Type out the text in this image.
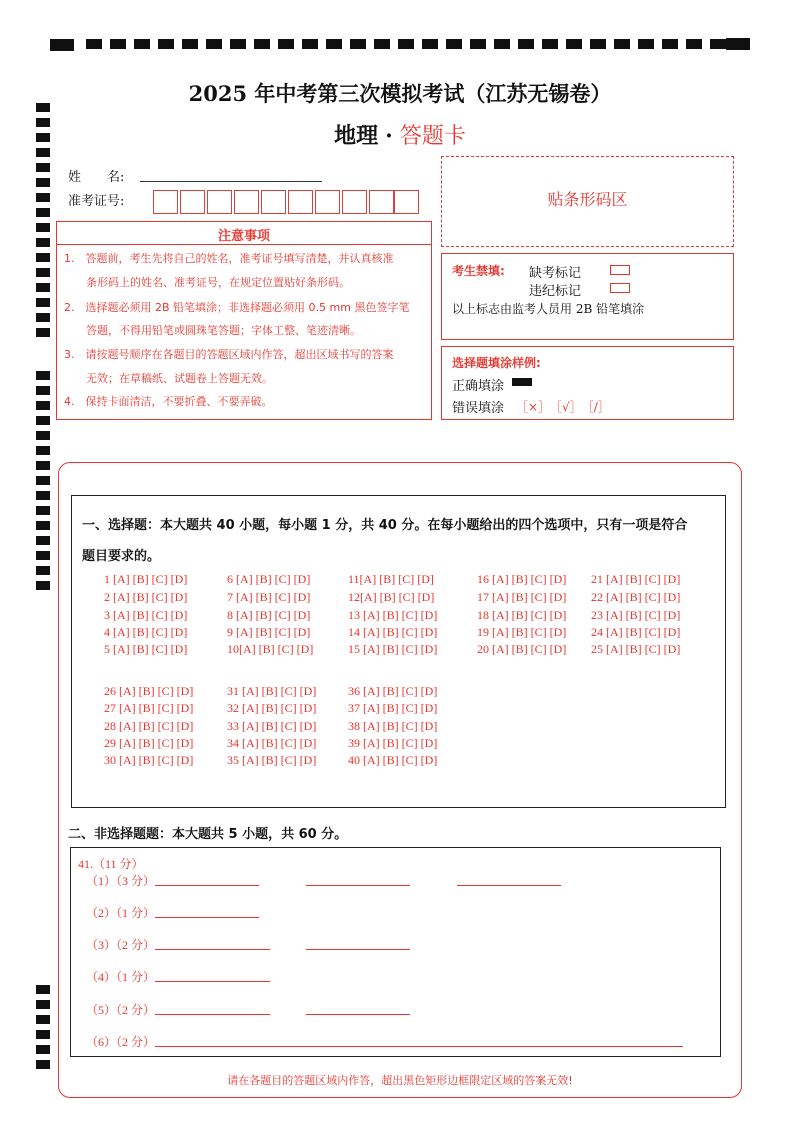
2025 年中考第三次模拟考试（江苏无锡卷）
地理 · 答题卡
姓　　名:
准考证号:	贴条形码区
注意事项
1.　答题前，考生先将自己的姓名，准考证号填写清楚，并认真核准
　　条形码上的姓名、准考证号，在规定位置贴好条形码。
2.　选择题必须用 2B 铅笔填涂；非选择题必须用 0.5 mm 黑色签字笔
　　答题，不得用铅笔或圆珠笔答题；字体工整、笔迹清晰。
3.　请按题号顺序在各题目的答题区域内作答，超出区域书写的答案
　　无效；在草稿纸、试题卷上答题无效。
4.　保持卡面清洁，不要折叠、不要弄破。
考生禁填: 缺考标记
违纪标记
以上标志由监考人员用 2B 铅笔填涂
选择题填涂样例:
正确填涂
错误填涂 ［×］　［√］　［/］
一、选择题：本大题共 40 小题，每小题 1 分，共 40 分。在每小题给出的四个选项中，只有一项是符合
题目要求的。
1 [A] [B] [C] [D]	6 [A] [B] [C] [D]	11[A] [B] [C] [D]	16 [A] [B] [C] [D] 21 [A] [B] [C] [D]
2 [A] [B] [C] [D]	7 [A] [B] [C] [D]	12[A] [B] [C] [D]	17 [A] [B] [C] [D] 22 [A] [B] [C] [D]
3 [A] [B] [C] [D]	8 [A] [B] [C] [D]	13 [A] [B] [C] [D]	18 [A] [B] [C] [D] 23 [A] [B] [C] [D]
4 [A] [B] [C] [D]	9 [A] [B] [C] [D]	14 [A] [B] [C] [D]	19 [A] [B] [C] [D] 24 [A] [B] [C] [D]
5 [A] [B] [C] [D]	10[A] [B] [C] [D]	15 [A] [B] [C] [D]	20 [A] [B] [C] [D] 25 [A] [B] [C] [D]
26 [A] [B] [C] [D]	31 [A] [B] [C] [D]	36 [A] [B] [C] [D]
27 [A] [B] [C] [D]	32 [A] [B] [C] [D]	37 [A] [B] [C] [D]
28 [A] [B] [C] [D]	33 [A] [B] [C] [D]	38 [A] [B] [C] [D]
29 [A] [B] [C] [D]	34 [A] [B] [C] [D]	39 [A] [B] [C] [D]
30 [A] [B] [C] [D]	35 [A] [B] [C] [D]	40 [A] [B] [C] [D]
二、非选择题题：本大题共 5 小题，共 60 分。
41.（11 分）
（1）（3 分）
（2）（1 分）
（3）（2 分）
（4）（1 分）
（5）（2 分）
（6）（2 分）
请在各题目的答题区域内作答，超出黑色矩形边框限定区域的答案无效!
